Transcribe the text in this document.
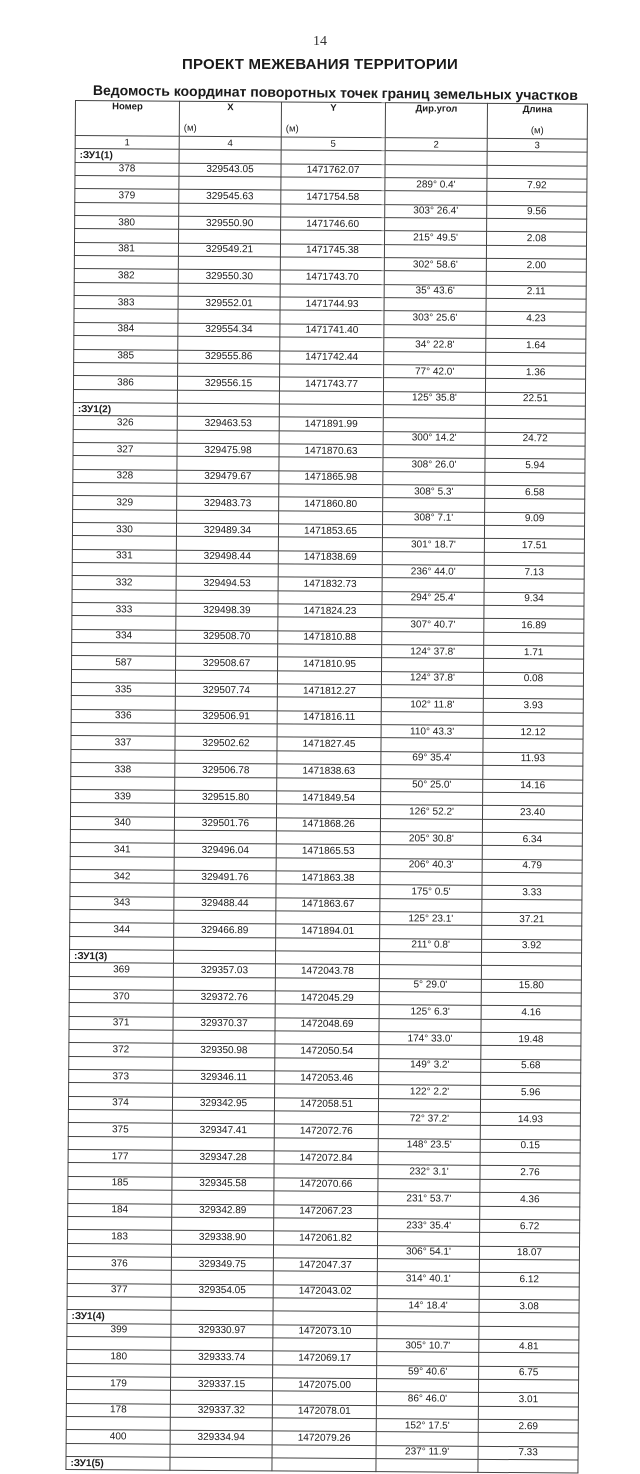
14
ПРОЕКТ МЕЖЕВАНИЯ ТЕРРИТОРИИ
Ведомость координат поворотных точек границ земельных участков
Номер	X
(м)	Y
(м)	Дир.угол	Длина
(м)

1	4	5	2	3
:ЗУ1(1)				
378	329543.05	1471762.07		
			289° 0.4'	7.92
379	329545.63	1471754.58		
			303° 26.4'	9.56
380	329550.90	1471746.60		
			215° 49.5'	2.08
381	329549.21	1471745.38		
			302° 58.6'	2.00
382	329550.30	1471743.70		
			35° 43.6'	2.11
383	329552.01	1471744.93		
			303° 25.6'	4.23
384	329554.34	1471741.40		
			34° 22.8'	1.64
385	329555.86	1471742.44		
			77° 42.0'	1.36
386	329556.15	1471743.77		
			125° 35.8'	22.51
:ЗУ1(2)				
326	329463.53	1471891.99		
			300° 14.2'	24.72
327	329475.98	1471870.63		
			308° 26.0'	5.94
328	329479.67	1471865.98		
			308° 5.3'	6.58
329	329483.73	1471860.80		
			308° 7.1'	9.09
330	329489.34	1471853.65		
			301° 18.7'	17.51
331	329498.44	1471838.69		
			236° 44.0'	7.13
332	329494.53	1471832.73		
			294° 25.4'	9.34
333	329498.39	1471824.23		
			307° 40.7'	16.89
334	329508.70	1471810.88		
			124° 37.8'	1.71
587	329508.67	1471810.95		
			124° 37.8'	0.08
335	329507.74	1471812.27		
			102° 11.8'	3.93
336	329506.91	1471816.11		
			110° 43.3'	12.12
337	329502.62	1471827.45		
			69° 35.4'	11.93
338	329506.78	1471838.63		
			50° 25.0'	14.16
339	329515.80	1471849.54		
			126° 52.2'	23.40
340	329501.76	1471868.26		
			205° 30.8'	6.34
341	329496.04	1471865.53		
			206° 40.3'	4.79
342	329491.76	1471863.38		
			175° 0.5'	3.33
343	329488.44	1471863.67		
			125° 23.1'	37.21
344	329466.89	1471894.01		
			211° 0.8'	3.92
:ЗУ1(3)				
369	329357.03	1472043.78		
			5° 29.0'	15.80
370	329372.76	1472045.29		
			125° 6.3'	4.16
371	329370.37	1472048.69		
			174° 33.0'	19.48
372	329350.98	1472050.54		
			149° 3.2'	5.68
373	329346.11	1472053.46		
			122° 2.2'	5.96
374	329342.95	1472058.51		
			72° 37.2'	14.93
375	329347.41	1472072.76		
			148° 23.5'	0.15
177	329347.28	1472072.84		
			232° 3.1'	2.76
185	329345.58	1472070.66		
			231° 53.7'	4.36
184	329342.89	1472067.23		
			233° 35.4'	6.72
183	329338.90	1472061.82		
			306° 54.1'	18.07
376	329349.75	1472047.37		
			314° 40.1'	6.12
377	329354.05	1472043.02		
			14° 18.4'	3.08
:ЗУ1(4)				
399	329330.97	1472073.10		
			305° 10.7'	4.81
180	329333.74	1472069.17		
			59° 40.6'	6.75
179	329337.15	1472075.00		
			86° 46.0'	3.01
178	329337.32	1472078.01		
			152° 17.5'	2.69
400	329334.94	1472079.26		
			237° 11.9'	7.33
:ЗУ1(5)				
